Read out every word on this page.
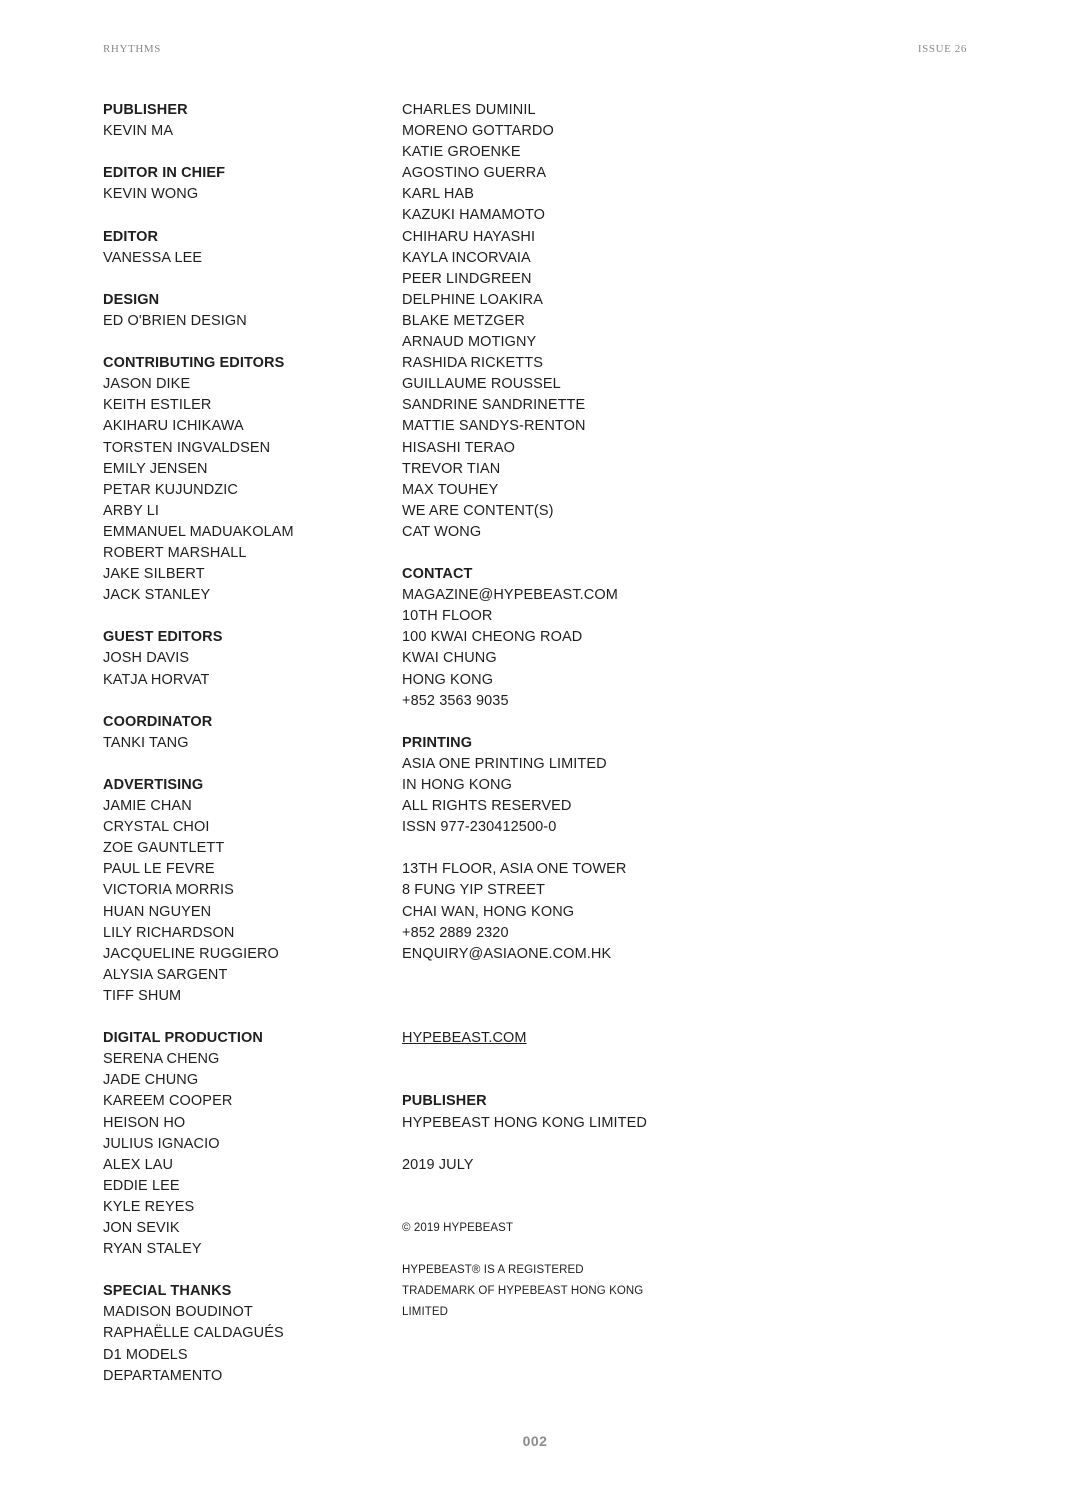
RHYTHMS	ISSUE 26
PUBLISHER
KEVIN MA
EDITOR IN CHIEF
KEVIN WONG
EDITOR
VANESSA LEE
DESIGN
ED O'BRIEN DESIGN
CONTRIBUTING EDITORS
JASON DIKE
KEITH ESTILER
AKIHARU ICHIKAWA
TORSTEN INGVALDSEN
EMILY JENSEN
PETAR KUJUNDZIC
ARBY LI
EMMANUEL MADUAKOLAM
ROBERT MARSHALL
JAKE SILBERT
JACK STANLEY
GUEST EDITORS
JOSH DAVIS
KATJA HORVAT
COORDINATOR
TANKI TANG
ADVERTISING
JAMIE CHAN
CRYSTAL CHOI
ZOE GAUNTLETT
PAUL LE FEVRE
VICTORIA MORRIS
HUAN NGUYEN
LILY RICHARDSON
JACQUELINE RUGGIERO
ALYSIA SARGENT
TIFF SHUM
DIGITAL PRODUCTION
SERENA CHENG
JADE CHUNG
KAREEM COOPER
HEISON HO
JULIUS IGNACIO
ALEX LAU
EDDIE LEE
KYLE REYES
JON SEVIK
RYAN STALEY
SPECIAL THANKS
MADISON BOUDINOT
RAPHAËLLE CALDAGUÉS
D1 MODELS
DEPARTAMENTO
CHARLES DUMINIL
MORENO GOTTARDO
KATIE GROENKE
AGOSTINO GUERRA
KARL HAB
KAZUKI HAMAMOTO
CHIHARU HAYASHI
KAYLA INCORVAIA
PEER LINDGREEN
DELPHINE LOAKIRA
BLAKE METZGER
ARNAUD MOTIGNY
RASHIDA RICKETTS
GUILLAUME ROUSSEL
SANDRINE SANDRINETTE
MATTIE SANDYS-RENTON
HISASHI TERAO
TREVOR TIAN
MAX TOUHEY
WE ARE CONTENT(S)
CAT WONG
CONTACT
MAGAZINE@HYPEBEAST.COM
10TH FLOOR
100 KWAI CHEONG ROAD
KWAI CHUNG
HONG KONG
+852 3563 9035
PRINTING
ASIA ONE PRINTING LIMITED
IN HONG KONG
ALL RIGHTS RESERVED
ISSN 977-230412500-0
13TH FLOOR, ASIA ONE TOWER
8 FUNG YIP STREET
CHAI WAN, HONG KONG
+852 2889 2320
ENQUIRY@ASIAONE.COM.HK
HYPEBEAST.COM
PUBLISHER
HYPEBEAST HONG KONG LIMITED
2019 JULY
© 2019 HYPEBEAST
HYPEBEAST® IS A REGISTERED
TRADEMARK OF HYPEBEAST HONG KONG
LIMITED
002
